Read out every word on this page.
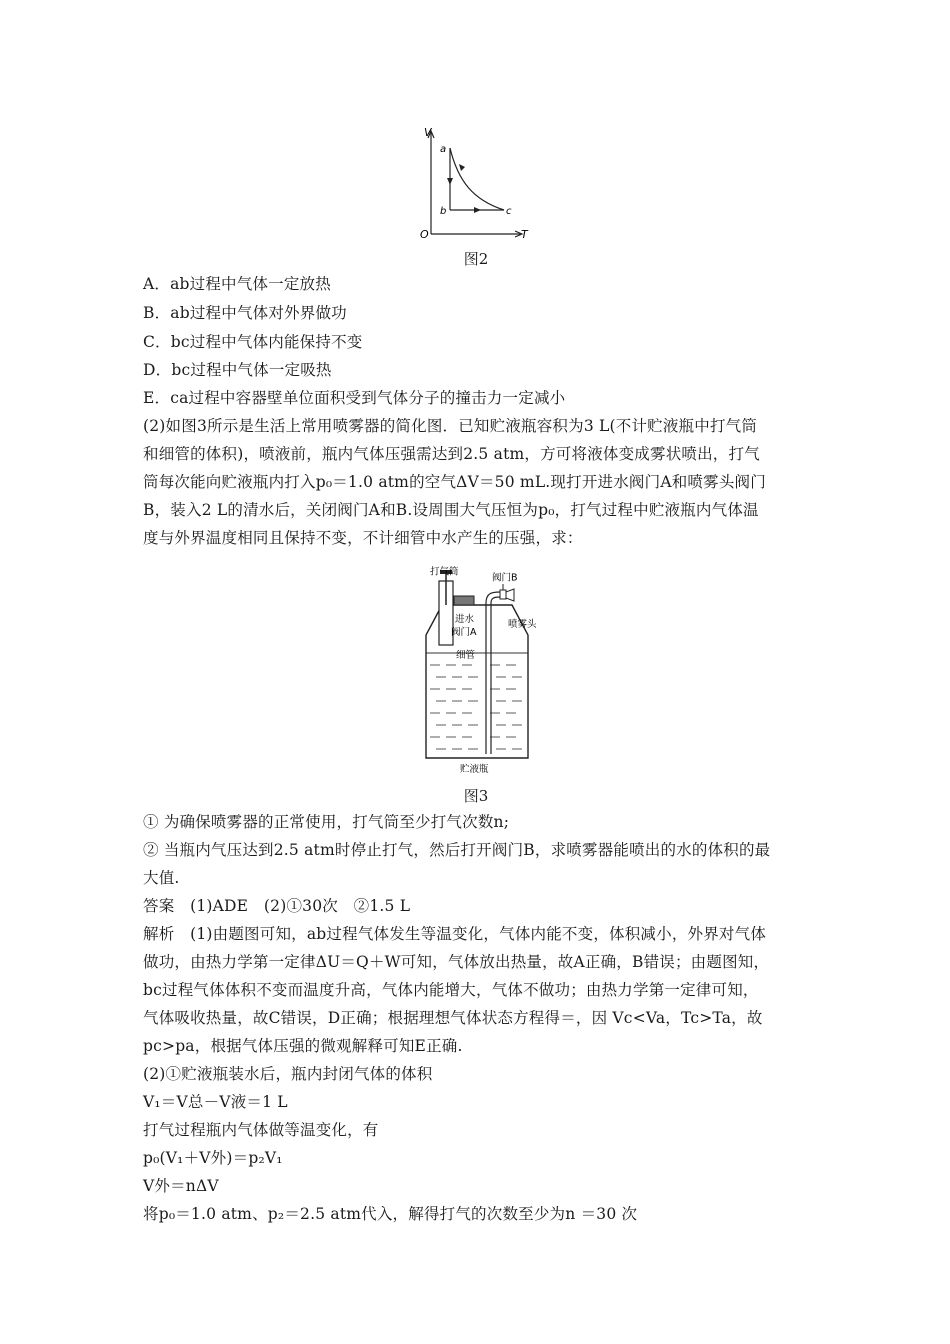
V
T
O
a
b	c
图2
A．ab过程中气体一定放热
B．ab过程中气体对外界做功
C．bc过程中气体内能保持不变
D．bc过程中气体一定吸热
E．ca过程中容器壁单位面积受到气体分子的撞击力一定减小
(2)如图3所示是生活上常用喷雾器的简化图．已知贮液瓶容积为3 L(不计贮液瓶中打气筒
和细管的体积)，喷液前，瓶内气体压强需达到2.5 atm，方可将液体变成雾状喷出，打气
筒每次能向贮液瓶内打入p₀＝1.0 atm的空气ΔV＝50 mL.现打开进水阀门A和喷雾头阀门
B，装入2 L的清水后，关闭阀门A和B.设周围大气压恒为p₀，打气过程中贮液瓶内气体温
度与外界温度相同且保持不变，不计细管中水产生的压强，求：
打气筒
阀门B
喷雾头
进水
阀门A
细管
贮液瓶
图3
① 为确保喷雾器的正常使用，打气筒至少打气次数n;
② 当瓶内气压达到2.5 atm时停止打气，然后打开阀门B，求喷雾器能喷出的水的体积的最
大值.
答案　(1)ADE　(2)①30次　②1.5 L
解析　(1)由题图可知，ab过程气体发生等温变化，气体内能不变，体积减小，外界对气体
做功，由热力学第一定律ΔU＝Q＋W可知，气体放出热量，故A正确，B错误；由题图知，
bc过程气体体积不变而温度升高，气体内能增大，气体不做功；由热力学第一定律可知，
气体吸收热量，故C错误，D正确；根据理想气体状态方程得＝，因 Vc<Va，Tc>Ta，故
pc>pa，根据气体压强的微观解释可知E正确.
(2)①贮液瓶装水后，瓶内封闭气体的体积
V₁＝V总－V液＝1 L
打气过程瓶内气体做等温变化，有
p₀(V₁＋V外)＝p₂V₁
V外＝nΔV
将p₀＝1.0 atm、p₂＝2.5 atm代入，解得打气的次数至少为n ＝30 次
